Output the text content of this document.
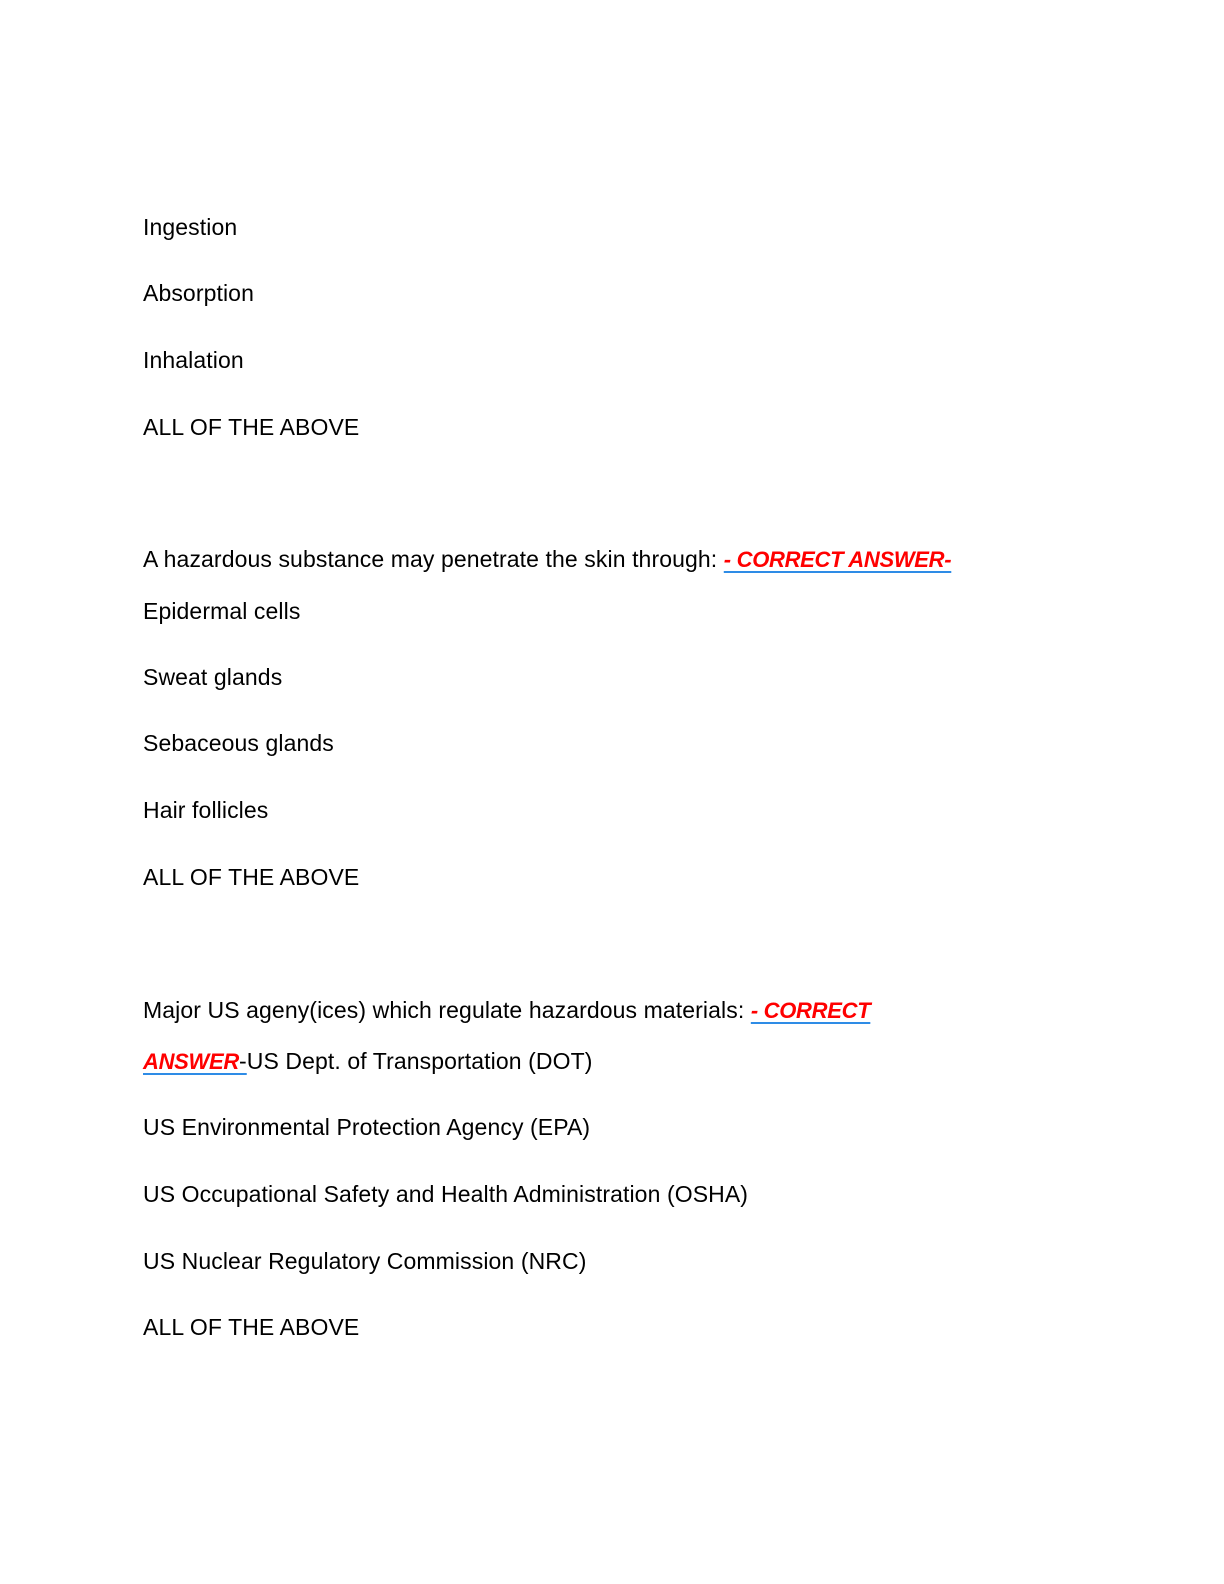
Ingestion
Absorption
Inhalation
ALL OF THE ABOVE
A hazardous substance may penetrate the skin through: - CORRECT ANSWER-
Epidermal cells
Sweat glands
Sebaceous glands
Hair follicles
ALL OF THE ABOVE
Major US ageny(ices) which regulate hazardous materials: - CORRECT
ANSWER-US Dept. of Transportation (DOT)
US Environmental Protection Agency (EPA)
US Occupational Safety and Health Administration (OSHA)
US Nuclear Regulatory Commission (NRC)
ALL OF THE ABOVE
